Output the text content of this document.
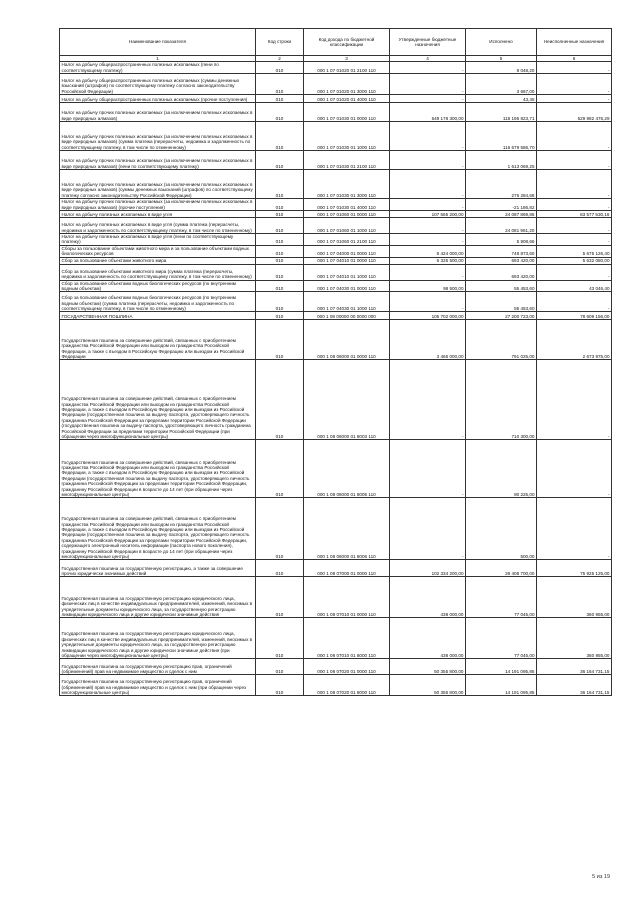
Наименование показателя	Код строки	Код дохода по бюджетной классификации	Утвержденные бюджетные назначения	Исполнено	Неисполненные назначения
1	2	3	4	5	6
Налог на добычу общераспространенных полезных ископаемых (пени по соответствующему платежу)	010	000 1 07 01020 01 2100 110	-	8 048,20	-
Налог на добычу общераспространенных полезных ископаемых (суммы денежных взысканий (штрафов) по соответствующему платежу согласно законодательству Российской Федерации)	010	000 1 07 01020 01 3000 110	-	3 667,00	-
Налог на добычу общераспространенных полезных ископаемых (прочие поступления)	010	000 1 07 01020 01 4000 110	-	43,45	-
Налог на добычу прочих полезных ископаемых (за исключением полезных ископаемых в виде природных алмазов)	010	000 1 07 01030 01 0000 110	649 178 300,00	118 195 823,71	529 982 476,29
Налог на добычу прочих полезных ископаемых (за исключением полезных ископаемых в виде природных алмазов) (сумма платежа (перерасчеты, недоимка и задолженность по соответствующему платежу, в том числе по отмененному)	010	000 1 07 01030 01 1000 110	-	116 679 586,70	-
Налог на добычу прочих полезных ископаемых (за исключением полезных ископаемых в виде природных алмазов) (пени по соответствующему платежу)	010	000 1 07 01030 01 2100 110	-	1 613 069,25	-
Налог на добычу прочих полезных ископаемых (за исключением полезных ископаемых в виде природных алмазов) (суммы денежных взысканий (штрафов) по соответствующему платежу согласно законодательству Российской Федерации)	010	000 1 07 01030 01 3000 110	-	276 284,68	-
Налог на добычу прочих полезных ископаемых (за исключением полезных ископаемых в виде природных алмазов) (прочие поступления)	010	000 1 07 01030 01 4000 110	-	-21 186,82	-
Налог на добычу полезных ископаемых в виде угля	010	000 1 07 01060 01 0000 110	107 665 200,00	24 087 869,86	83 577 530,16
Налог на добычу полезных ископаемых в виде угля (сумма платежа (перерасчеты, недоимка и задолженность по соответствующему платежу, в том числе по отмененному)	010	000 1 07 01060 01 1000 110	-	24 081 961,20	-
Налог на добычу полезных ископаемых в виде угля (пени по соответствующему платежу)	010	000 1 07 01060 01 2100 110	-	5 908,66	-
Сборы за пользование объектами животного мира и за пользование объектами водных биологических ресурсов	010	000 1 07 04000 01 0000 110	6 424 000,00	748 873,60	5 675 126,40
Сбор за пользование объектами животного мира	010	000 1 07 04010 01 0000 110	6 325 500,00	693 420,00	5 632 080,00
Сбор за пользование объектами животного мира (сумма платежа (перерасчеты, недоимка и задолженность по соответствующему платежу, в том числе по отмененному)	010	000 1 07 04010 01 1000 110	-	693 420,00	-
Сбор за пользование объектами водных биологических ресурсов (по внутренним водным объектам)	010	000 1 07 04030 01 0000 110	98 500,00	55 453,60	43 046,40
Сбор за пользование объектами водных биологических ресурсов (по внутренним водным объектам) (сумма платежа (перерасчеты, недоимка и задолженность по соответствующему платежу, в том числе по отмененному)	010	000 1 07 04030 01 1000 110	-	55 453,60	-
ГОСУДАРСТВЕННАЯ ПОШЛИНА	010	000 1 08 00000 00 0000 000	105 702 000,00	27 200 723,00	78 609 156,00
Государственная пошлина за совершение действий, связанных с приобретением гражданства Российской Федерации или выходом из гражданства Российской Федерации, а также с въездом в Российскую Федерацию или выездом из Российской Федерации	010	000 1 08 06000 01 0000 110	3 465 000,00	791 025,00	2 673 975,00
Государственная пошлина за совершение действий, связанных с приобретением гражданства Российской Федерации или выходом из гражданства Российской Федерации, а также с въездом в Российскую Федерацию или выездом из Российской Федерации (государственная пошлина за выдачу паспорта, удостоверяющего личность гражданина Российской Федерации за пределами территории Российской Федерации (государственная пошлина за выдачу паспорта, удостоверяющего личность гражданина Российской Федерации за пределами территории Российской Федерации (при обращении через многофункциональные центры)	010	000 1 08 06000 01 8003 110	-	710 300,00	-
Государственная пошлина за совершение действий, связанных с приобретением гражданства Российской Федерации или выходом из гражданства Российской Федерации, а также с въездом в Российскую Федерацию или выездом из Российской Федерации (государственная пошлина за выдачу паспорта, удостоверяющего личность гражданина Российской Федерации за пределами территории Российской Федерации, гражданину Российской Федерации в возрасте до 14 лет (при обращении через многофункциональные центры)	010	000 1 08 06000 01 8005 110	-	80 225,00	-
Государственная пошлина за совершение действий, связанных с приобретением гражданства Российской Федерации или выходом из гражданства Российской Федерации, а также с въездом в Российскую Федерацию или выездом из Российской Федерации (государственная пошлина за выдачу паспорта, удостоверяющего личность гражданина Российской Федерации за пределами территории Российской Федерации, содержащего электронный носитель информации (паспорта нового поколения), гражданину Российской Федерации в возрасте до 14 лет (при обращении через многофункциональные центры)	010	000 1 08 06000 01 8006 110	-	500,00	-
Государственная пошлина за государственную регистрацию, а также за совершение прочих юридически значимых действий	010	000 1 08 07000 01 0000 110	102 334 200,00	26 408 700,00	75 925 125,00
Государственная пошлина за государственную регистрацию юридического лица, физических лиц в качестве индивидуальных предпринимателей, изменений, вносимых в учредительные документы юридического лица, за государственную регистрацию ликвидации юридического лица и другие юридически значимые действия	010	000 1 08 07010 01 0000 110	438 000,00	77 045,00	360 955,00
Государственная пошлина за государственную регистрацию юридического лица, физических лиц в качестве индивидуальных предпринимателей, изменений, вносимых в учредительные документы юридического лица, за государственную регистрацию ликвидации юридического лица и другие юридически значимые действия (при обращении через многофункциональные центры)	010	000 1 08 07010 01 8000 110	438 000,00	77 045,00	360 955,00
Государственная пошлина за государственную регистрацию прав, ограничений (обременений) прав на недвижимое имущество и сделок с ним	010	000 1 08 07020 01 0000 110	50 355 800,00	14 191 095,85	36 164 731,15
Государственная пошлина за государственную регистрацию прав, ограничений (обременений) прав на недвижимое имущество и сделок с ним (при обращении через многофункциональные центры)	010	000 1 08 07020 01 8000 110	50 355 800,00	14 191 095,85	36 164 731,15
5 из 19
